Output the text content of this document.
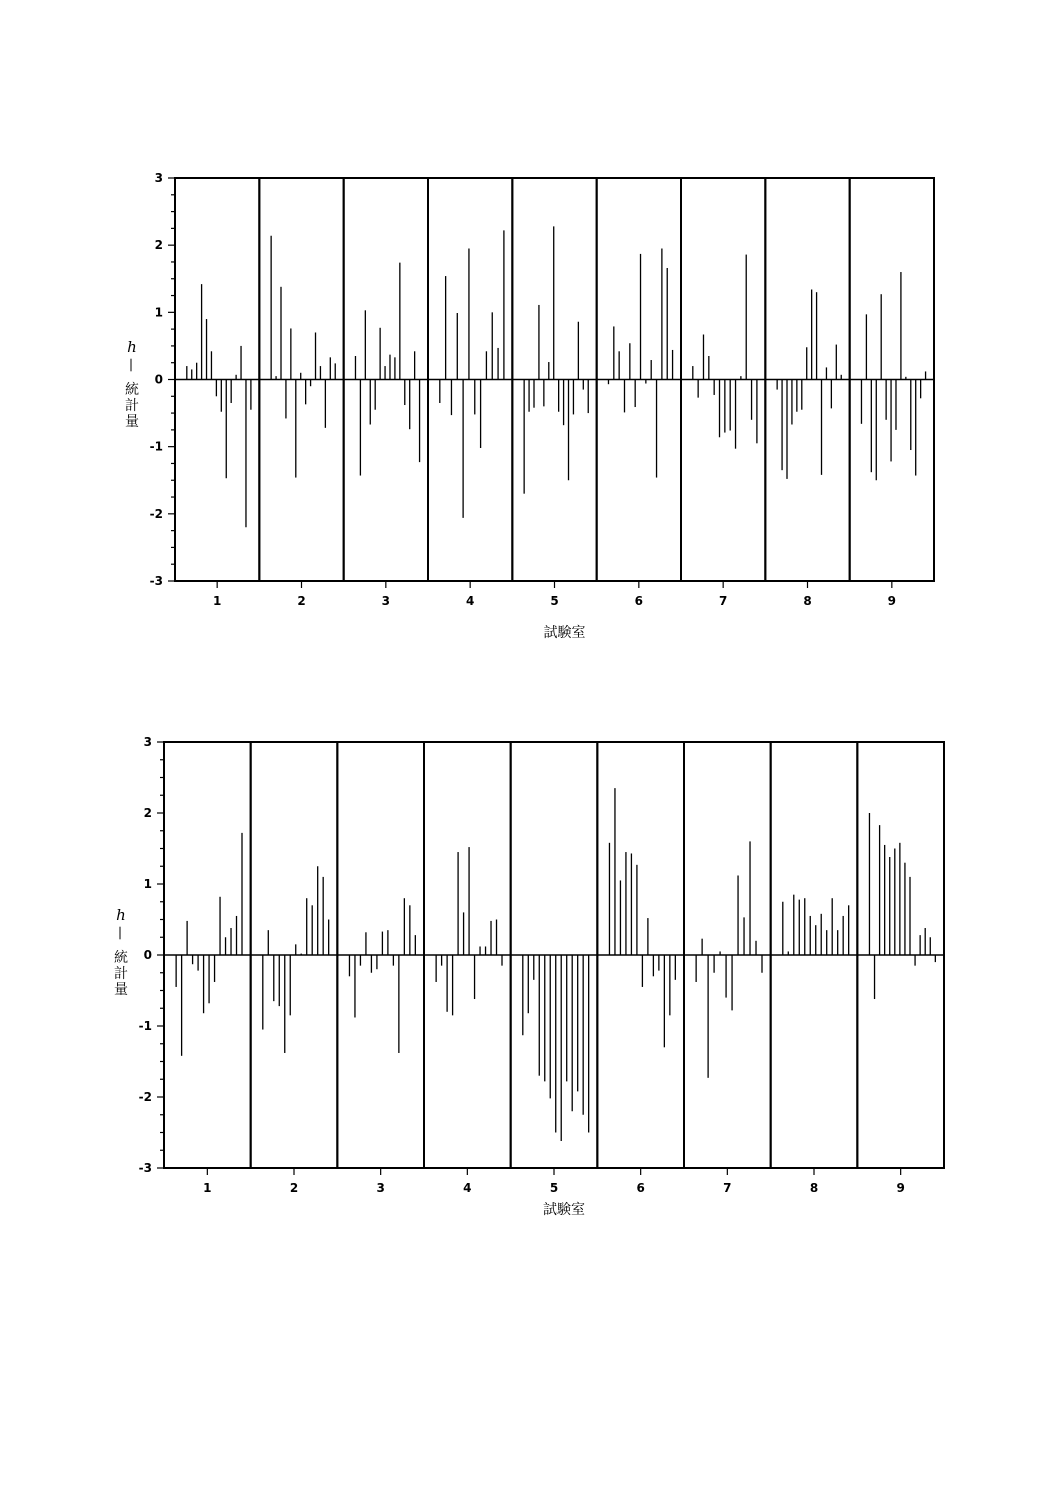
3
2
1
0
-1
-2
-3
1	2	3	4	5	6	7	8	9
試験室
h
—
統
計
量
3
2
1
0
-1
-2
-3
1	2	3	4	5	6	7	8	9
試験室
h
—
統
計
量
